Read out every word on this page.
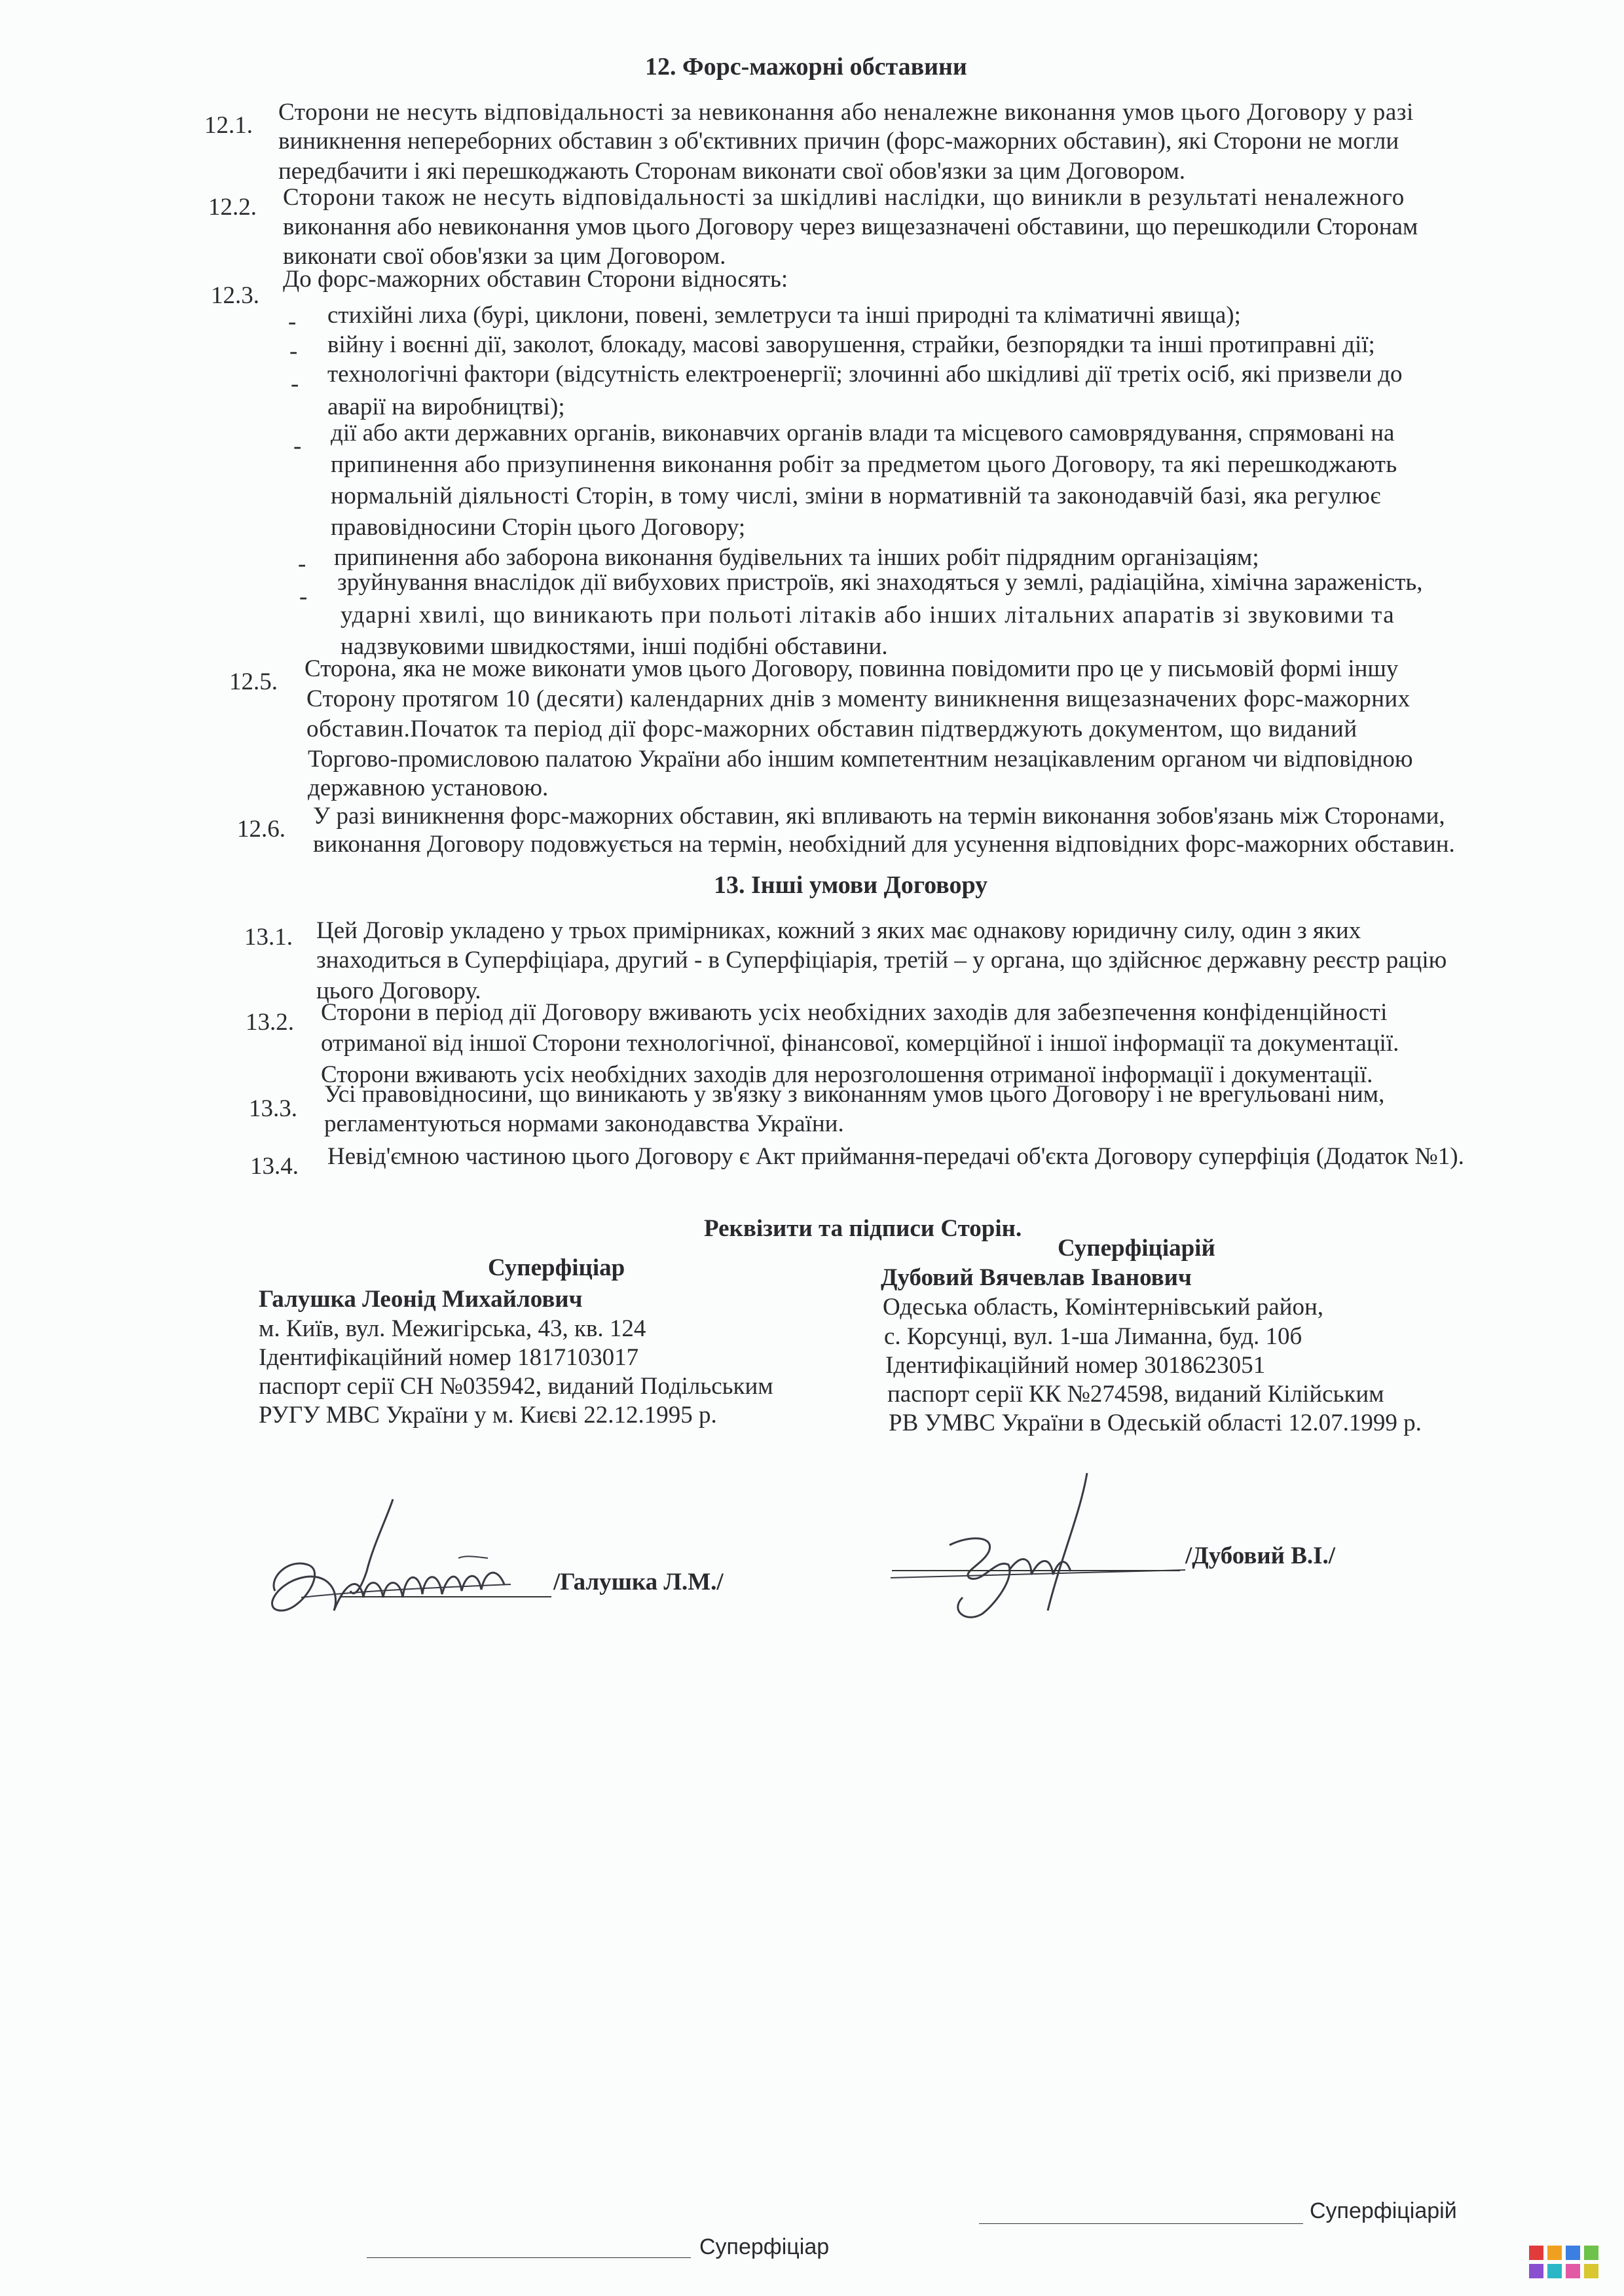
12. Форс-мажорні обставини
12.1. Сторони не несуть відповідальності за невиконання або неналежне виконання умов цього Договору у разі
виникнення непереборних обставин з об'єктивних причин (форс-мажорних обставин), які Сторони не могли
передбачити і які перешкоджають Сторонам виконати свої обов'язки за цим Договором.
12.2. Сторони також не несуть відповідальності за шкідливі наслідки, що виникли в результаті неналежного
виконання або невиконання умов цього Договору через вищезазначені обставини, що перешкодили Сторонам
виконати свої обов'язки за цим Договором.
12.3.
До форс-мажорних обставин Сторони відносять:
- стихійні лиха (бурі, циклони, повені, землетруси та інші природні та кліматичні явища);
- війну і воєнні дії, заколот, блокаду, масові заворушення, страйки, безпорядки та інші протиправні дії;
- технологічні фактори (відсутність електроенергії; злочинні або шкідливі дії третіх осіб, які призвели до
аварії на виробництві);
- дії або акти державних органів, виконавчих органів влади та місцевого самоврядування, спрямовані на
припинення або призупинення виконання робіт за предметом цього Договору, та які перешкоджають
нормальній діяльності Сторін, в тому числі, зміни в нормативній та законодавчій базі, яка регулює
правовідносини Сторін цього Договору;
- припинення або заборона виконання будівельних та інших робіт підрядним організаціям;
-
зруйнування внаслідок дії вибухових пристроїв, які знаходяться у землі, радіаційна, хімічна зараженість,
ударні хвилі, що виникають при польоті літаків або інших літальних апаратів зі звуковими та
надзвуковими швидкостями, інші подібні обставини.
12.5. Сторона, яка не може виконати умов цього Договору, повинна повідомити про це у письмовій формі іншу
Сторону протягом 10 (десяти) календарних днів з моменту виникнення вищезазначених форс-мажорних
обставин.Початок та період дії форс-мажорних обставин підтверджують документом, що виданий
Торгово-промисловою палатою України або іншим компетентним незацікавленим органом чи відповідною
державною установою.
12.6. У разі виникнення форс-мажорних обставин, які впливають на термін виконання зобов'язань між Сторонами,
виконання Договору подовжується на термін, необхідний для усунення відповідних форс-мажорних обставин.
13. Інші умови Договору
13.1. Цей Договір укладено у трьох примірниках, кожний з яких має однакову юридичну силу, один з яких
знаходиться в Суперфіціара, другий - в Суперфіціарія, третій – у органа, що здійснює державну реєстр рацію
цього Договору.
13.2. Сторони в період дії Договору вживають усіх необхідних заходів для забезпечення конфіденційності
отриманої від іншої Сторони технологічної, фінансової, комерційної і іншої інформації та документації.
Сторони вживають усіх необхідних заходів для нерозголошення отриманої інформації і документації.
13.3.
Усі правовідносини, що виникають у зв'язку з виконанням умов цього Договору і не врегульовані ним,
регламентуються нормами законодавства України.
13.4. Невід'ємною частиною цього Договору є Акт приймання-передачі об'єкта Договору суперфіція (Додаток №1).
Реквізити та підписи Сторін.
Суперфіціар
Галушка Леонід Михайлович
м. Київ, вул. Межигірська, 43, кв. 124
Ідентифікаційний номер 1817103017
паспорт серії СН №035942, виданий Подільським
РУГУ МВС України у м. Києві 22.12.1995 р.
Суперфіціарій
Дубовий Вячевлав Іванович
Одеська область, Комінтернівський район,
с. Корсунці, вул. 1-ша Лиманна, буд. 10б
Ідентифікаційний номер 3018623051
паспорт серії КК №274598, виданий Кілійським
РВ УМВС України в Одеській області 12.07.1999 р.
/Галушка Л.М./
/Дубовий В.І./
Суперфіціар
Суперфіціарій
